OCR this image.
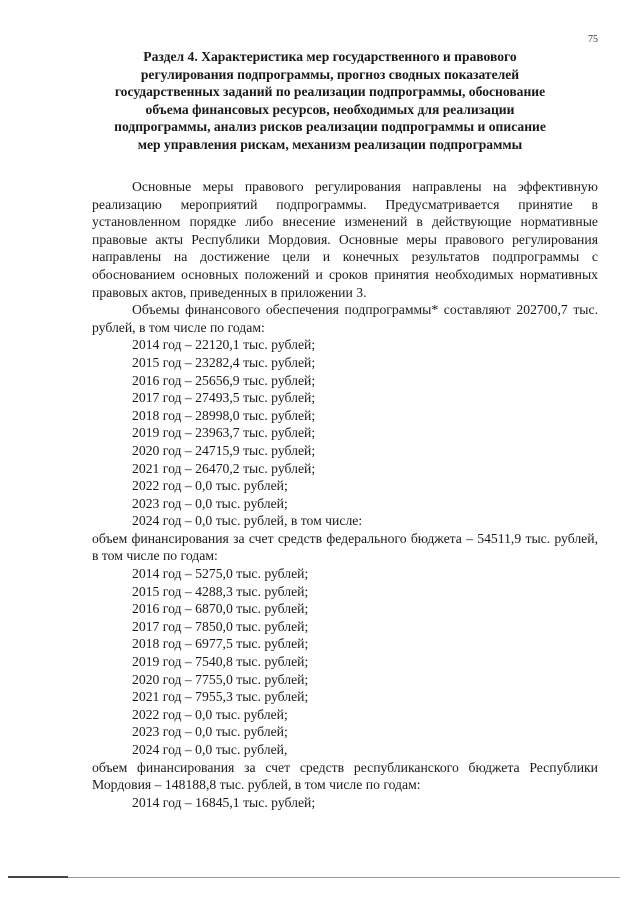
75
Раздел 4. Характеристика мер государственного и правового
регулирования подпрограммы, прогноз сводных показателей
государственных заданий по реализации подпрограммы, обоснование
объема финансовых ресурсов, необходимых для реализации
подпрограммы, анализ рисков реализации подпрограммы и описание
мер управления рискам, механизм реализации подпрограммы

Основные меры правового регулирования направлены на эффективную реализацию мероприятий подпрограммы. Предусматривается принятие в установленном порядке либо внесение изменений в действующие нормативные правовые акты Республики Мордовия. Основные меры правового регулирования направлены на достижение цели и конечных результатов подпрограммы с обоснованием основных положений и сроков принятия необходимых нормативных правовых актов, приведенных в приложении 3.

Объемы финансового обеспечения подпрограммы* составляют 202700,7 тыс. рублей, в том числе по годам:

2014 год – 22120,1 тыс. рублей;
2015 год – 23282,4 тыс. рублей;
2016 год – 25656,9 тыс. рублей;
2017 год – 27493,5 тыс. рублей;
2018 год – 28998,0 тыс. рублей;
2019 год – 23963,7 тыс. рублей;
2020 год – 24715,9 тыс. рублей;
2021 год – 26470,2 тыс. рублей;
2022 год – 0,0 тыс. рублей;
2023 год – 0,0 тыс. рублей;
2024 год – 0,0 тыс. рублей, в том числе:

объем финансирования за счет средств федерального бюджета – 54511,9 тыс. рублей, в том числе по годам:

2014 год – 5275,0 тыс. рублей;
2015 год – 4288,3 тыс. рублей;
2016 год – 6870,0 тыс. рублей;
2017 год – 7850,0 тыс. рублей;
2018 год – 6977,5 тыс. рублей;
2019 год – 7540,8 тыс. рублей;
2020 год – 7755,0 тыс. рублей;
2021 год – 7955,3 тыс. рублей;
2022 год – 0,0 тыс. рублей;
2023 год – 0,0 тыс. рублей;
2024 год – 0,0 тыс. рублей,

объем финансирования за счет средств республиканского бюджета Республики Мордовия – 148188,8 тыс. рублей, в том числе по годам:

2014 год – 16845,1 тыс. рублей;
